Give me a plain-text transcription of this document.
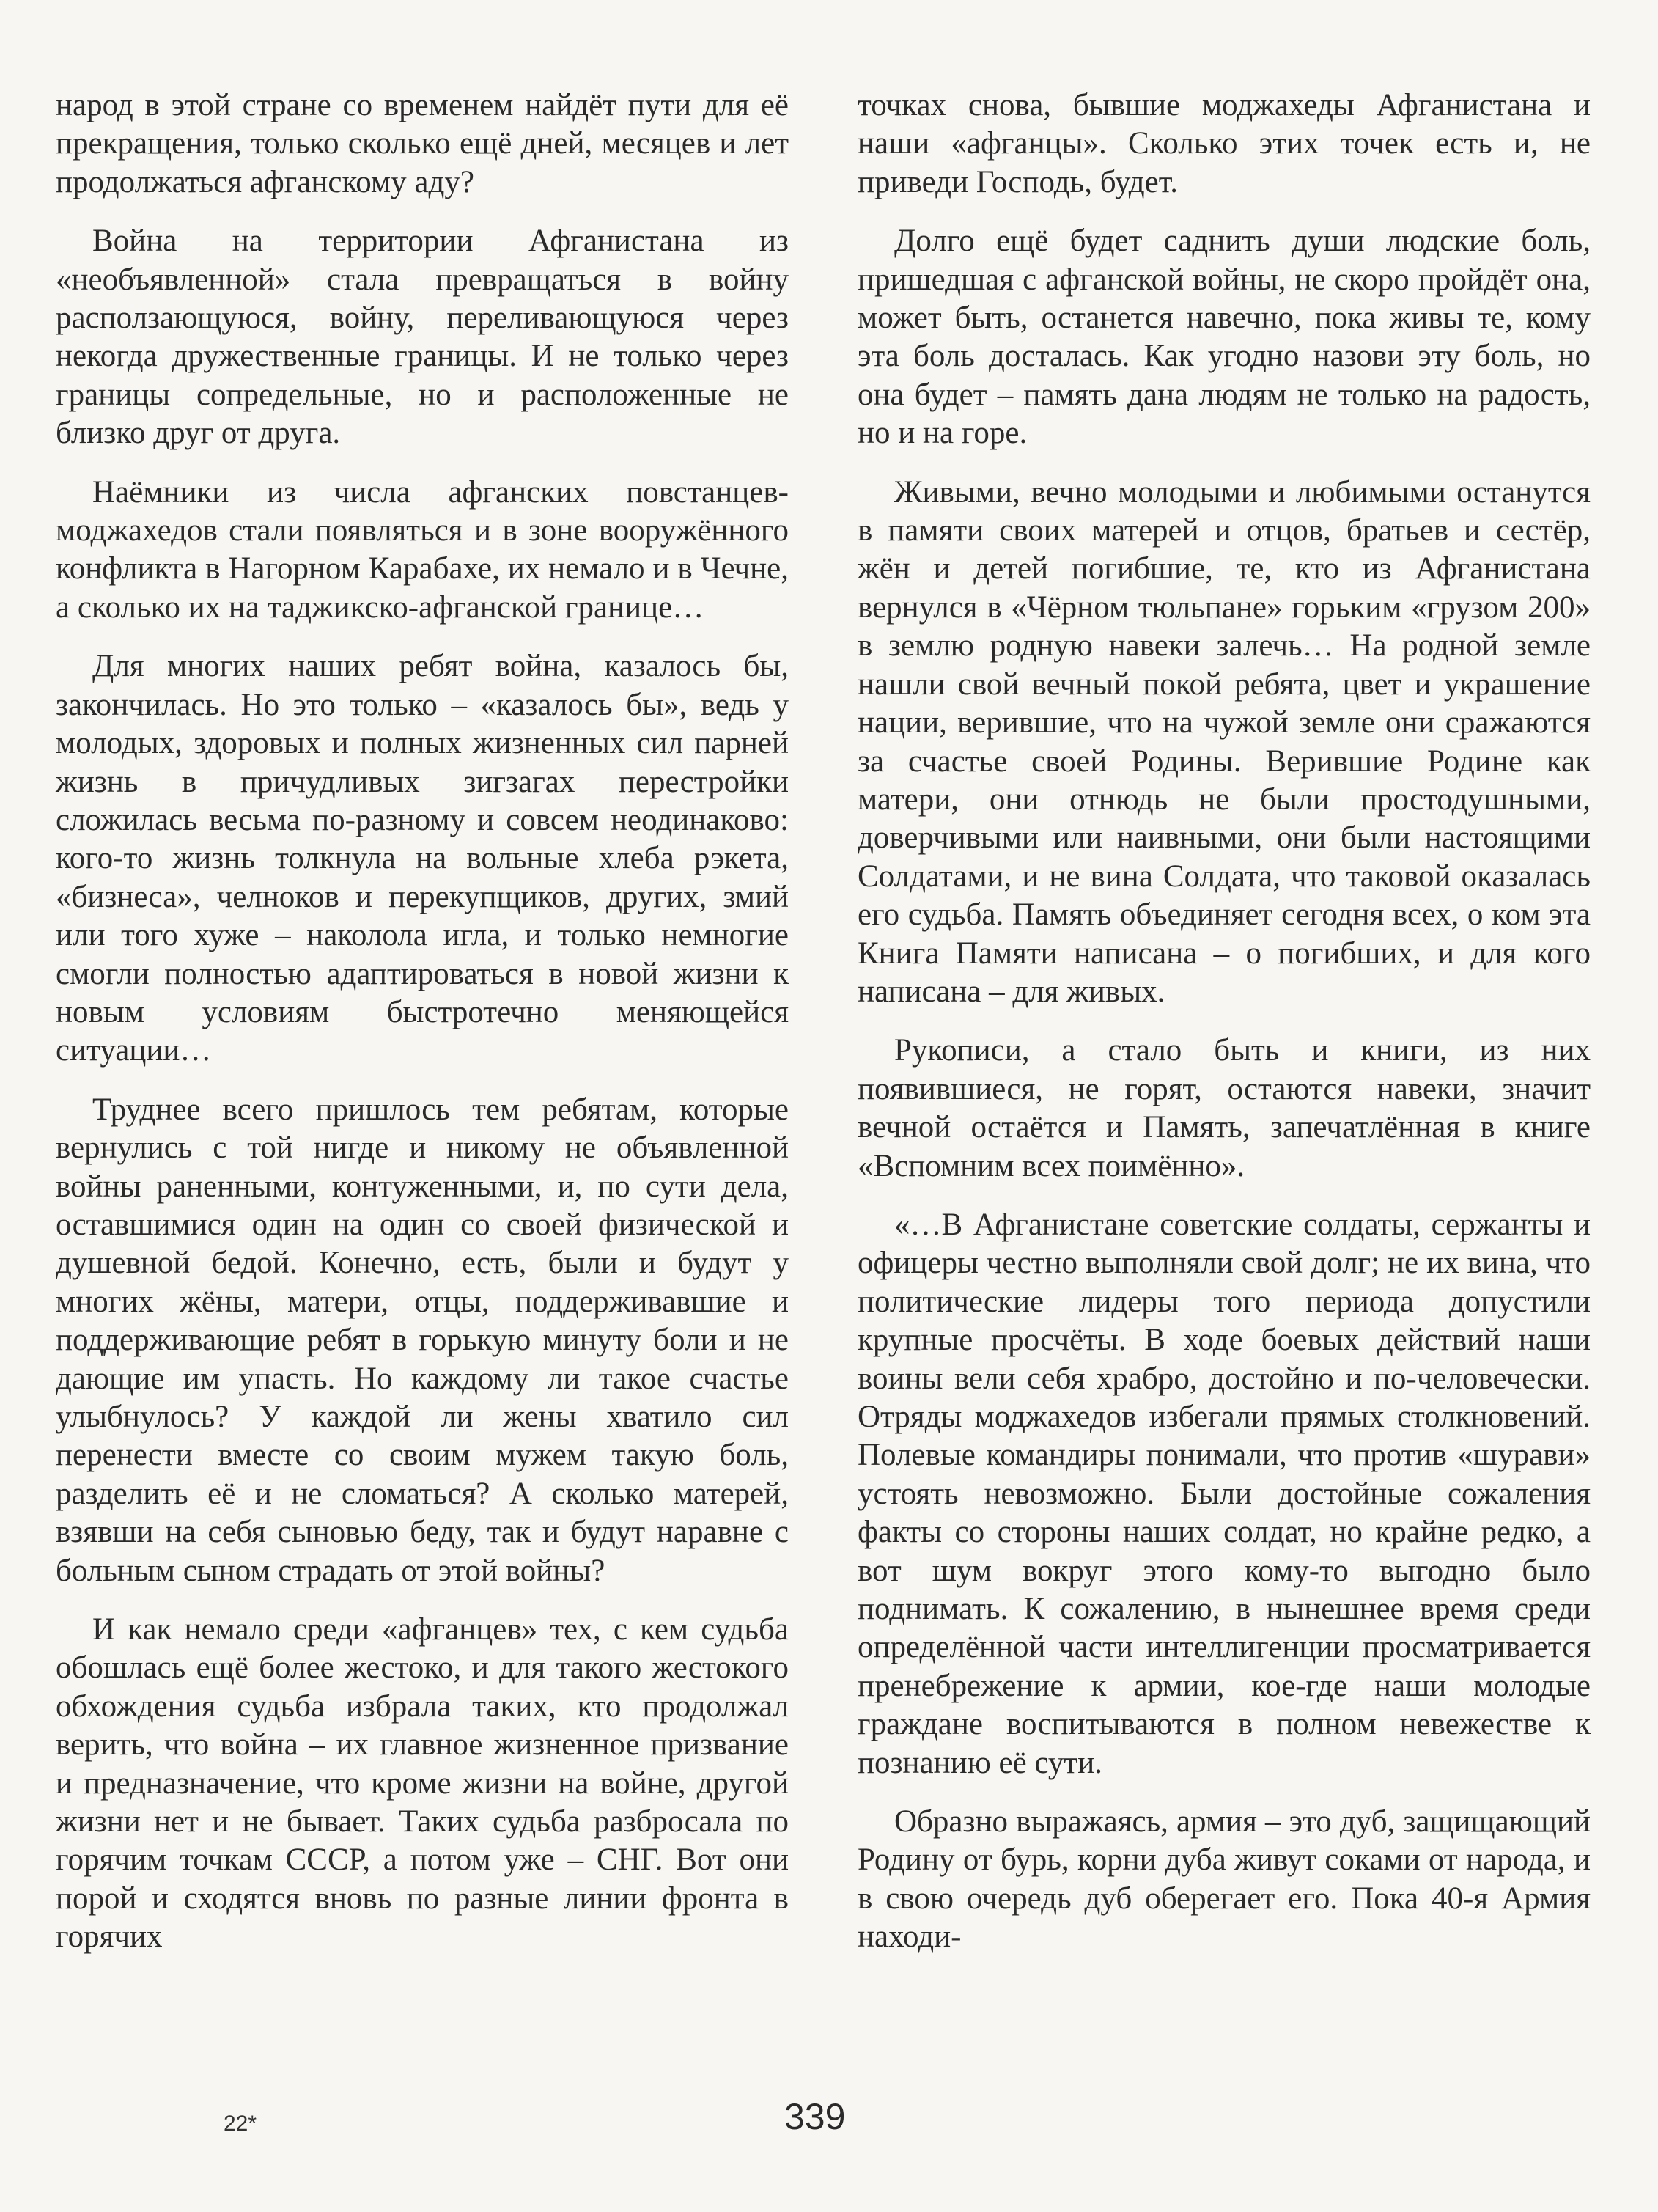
народ в этой стране со временем найдёт пути для её прекращения, только сколько ещё дней, месяцев и лет продолжаться афганскому аду?

Война на территории Афганистана из «необъявленной» стала превращаться в войну расползающуюся, войну, переливающуюся через некогда дружественные границы. И не только через границы сопредельные, но и расположенные не близко друг от друга.

Наёмники из числа афганских повстанцев-моджахедов стали появляться и в зоне вооружённого конфликта в Нагорном Карабахе, их немало и в Чечне, а сколько их на таджикско-афганской границе…

Для многих наших ребят война, казалось бы, закончилась. Но это только – «казалось бы», ведь у молодых, здоровых и полных жизненных сил парней жизнь в причудливых зигзагах перестройки сложилась весьма по-разному и совсем неодинаково: кого-то жизнь толкнула на вольные хлеба рэкета, «бизнеса», челноков и перекупщиков, других, змий или того хуже – наколола игла, и только немногие смогли полностью адаптироваться в новой жизни к новым условиям быстротечно меняющейся ситуации…

Труднее всего пришлось тем ребятам, которые вернулись с той нигде и никому не объявленной войны раненными, контуженными, и, по сути дела, оставшимися один на один со своей физической и душевной бедой. Конечно, есть, были и будут у многих жёны, матери, отцы, поддерживавшие и поддерживающие ребят в горькую минуту боли и не дающие им упасть. Но каждому ли такое счастье улыбнулось? У каждой ли жены хватило сил перенести вместе со своим мужем такую боль, разделить её и не сломаться? А сколько матерей, взявши на себя сыновью беду, так и будут наравне с больным сыном страдать от этой войны?

И как немало среди «афганцев» тех, с кем судьба обошлась ещё более жестоко, и для такого жестокого обхождения судьба избрала таких, кто продолжал верить, что война – их главное жизненное призвание и предназначение, что кроме жизни на войне, другой жизни нет и не бывает. Таких судьба разбросала по горячим точкам СССР, а потом уже – СНГ. Вот они порой и сходятся вновь по разные линии фронта в горячих

точках снова, бывшие моджахеды Афганистана и наши «афганцы». Сколько этих точек есть и, не приведи Господь, будет.

Долго ещё будет саднить души людские боль, пришедшая с афганской войны, не скоро пройдёт она, может быть, останется навечно, пока живы те, кому эта боль досталась. Как угодно назови эту боль, но она будет – память дана людям не только на радость, но и на горе.

Живыми, вечно молодыми и любимыми останутся в памяти своих матерей и отцов, братьев и сестёр, жён и детей погибшие, те, кто из Афганистана вернулся в «Чёрном тюльпане» горьким «грузом 200» в землю родную навеки залечь… На родной земле нашли свой вечный покой ребята, цвет и украшение нации, верившие, что на чужой земле они сражаются за счастье своей Родины. Верившие Родине как матери, они отнюдь не были простодушными, доверчивыми или наивными, они были настоящими Солдатами, и не вина Солдата, что таковой оказалась его судьба. Память объединяет сегодня всех, о ком эта Книга Памяти написана – о погибших, и для кого написана – для живых.

Рукописи, а стало быть и книги, из них появившиеся, не горят, остаются навеки, значит вечной остаётся и Память, запечатлённая в книге «Вспомним всех поимённо».

«…В Афганистане советские солдаты, сержанты и офицеры честно выполняли свой долг; не их вина, что политические лидеры того периода допустили крупные просчёты. В ходе боевых действий наши воины вели себя храбро, достойно и по-человечески. Отряды моджахедов избегали прямых столкновений. Полевые командиры понимали, что против «шурави» устоять невозможно. Были достойные сожаления факты со стороны наших солдат, но крайне редко, а вот шум вокруг этого кому-то выгодно было поднимать. К сожалению, в нынешнее время среди определённой части интеллигенции просматривается пренебрежение к армии, кое-где наши молодые граждане воспитываются в полном невежестве к познанию её сути.

Образно выражаясь, армия – это дуб, защищающий Родину от бурь, корни дуба живут соками от народа, и в свою очередь дуб оберегает его. Пока 40-я Армия находи-

22*	339
